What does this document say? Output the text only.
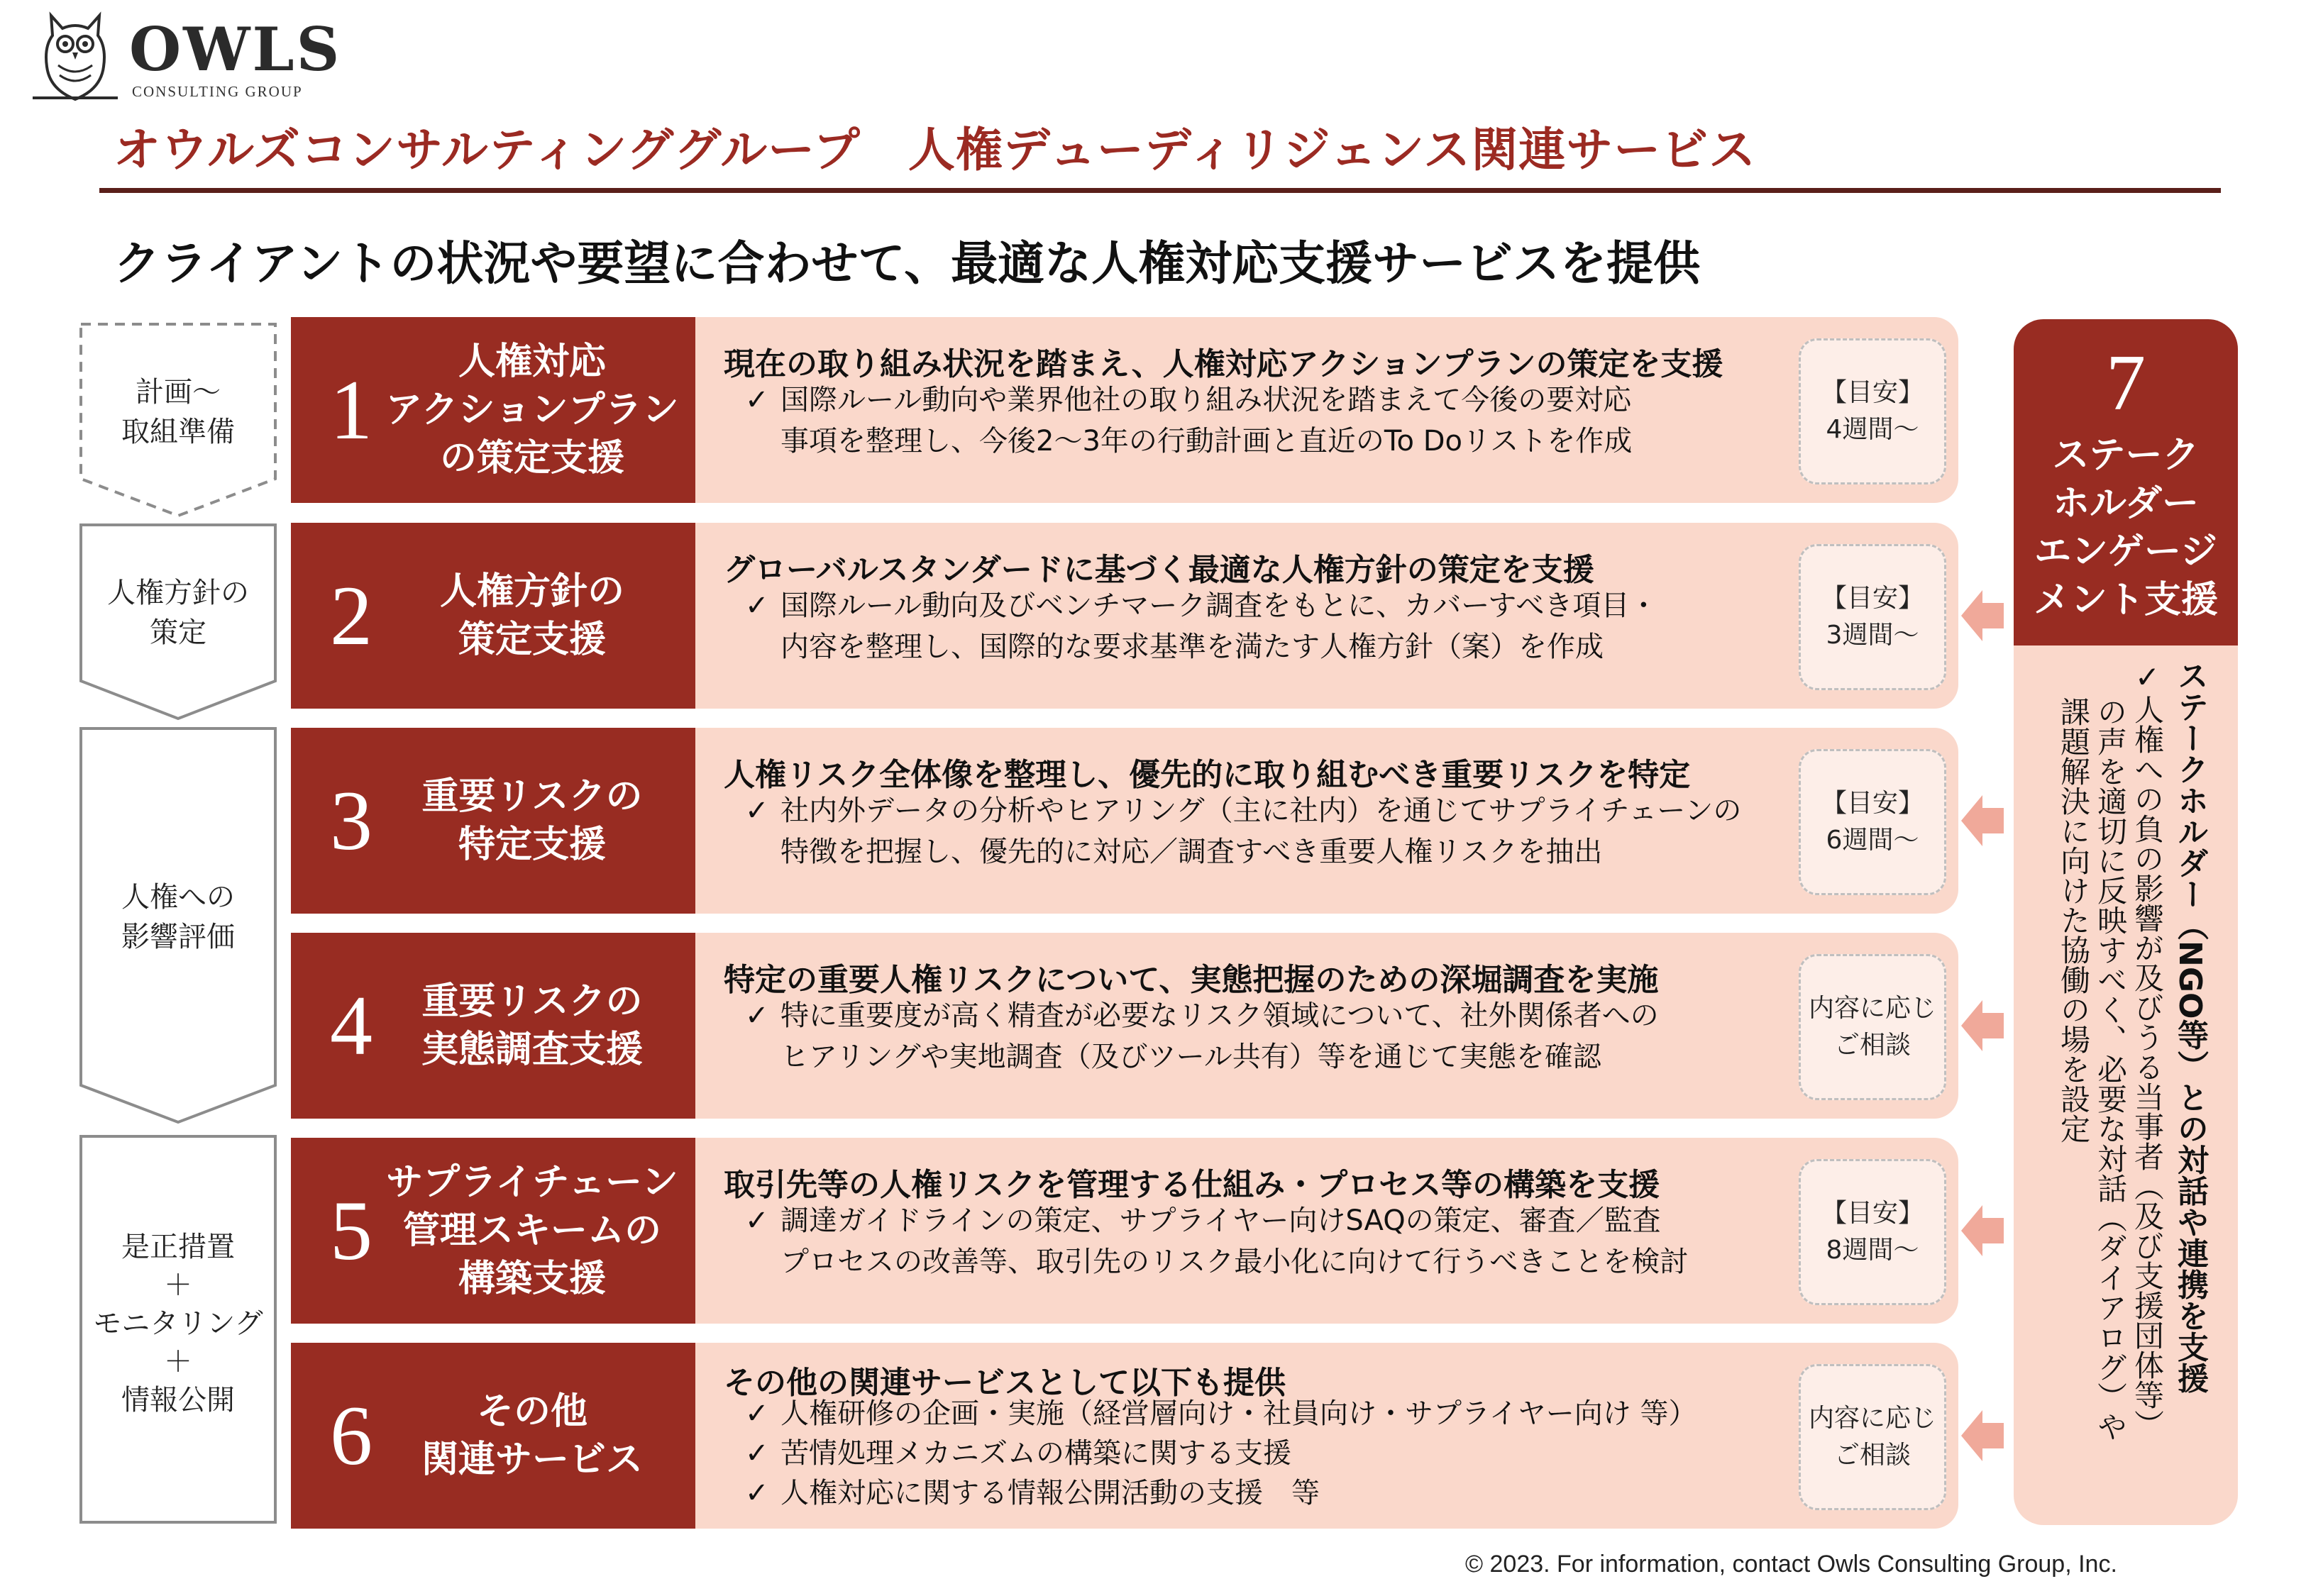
OWLS
CONSULTING GROUP
オウルズコンサルティンググループ　人権デューディリジェンス関連サービス
クライアントの状況や要望に合わせて、最適な人権対応支援サービスを提供
計画～
取組準備
人権方針の
策定
人権への
影響評価
是正措置
＋
モニタリング
＋
情報公開
1
人権対応
アクションプラン
の策定支援
現在の取り組み状況を踏まえ、人権対応アクションプランの策定を支援
✓ 国際ルール動向や業界他社の取り組み状況を踏まえて今後の要対応
事項を整理し、今後2～3年の行動計画と直近のTo Doリストを作成
【目安】
4週間～
2	人権方針の
策定支援
グローバルスタンダードに基づく最適な人権方針の策定を支援
✓ 国際ルール動向及びベンチマーク調査をもとに、カバーすべき項目・
内容を整理し、国際的な要求基準を満たす人権方針（案）を作成
【目安】
3週間～
3	重要リスクの
特定支援
人権リスク全体像を整理し、優先的に取り組むべき重要リスクを特定
✓ 社内外データの分析やヒアリング（主に社内）を通じてサプライチェーンの
特徴を把握し、優先的に対応／調査すべき重要人権リスクを抽出
【目安】
6週間～
4	重要リスクの
実態調査支援
特定の重要人権リスクについて、実態把握のための深堀調査を実施
✓ 特に重要度が高く精査が必要なリスク領域について、社外関係者への
ヒアリングや実地調査（及びツール共有）等を通じて実態を確認
内容に応じ
ご相談
5
サプライチェーン
管理スキームの
構築支援
取引先等の人権リスクを管理する仕組み・プロセス等の構築を支援
✓ 調達ガイドラインの策定、サプライヤー向けSAQの策定、審査／監査
プロセスの改善等、取引先のリスク最小化に向けて行うべきことを検討
【目安】
8週間～
6	その他
関連サービス
その他の関連サービスとして以下も提供
✓ 人権研修の企画・実施（経営層向け・社員向け・サプライヤー向け 等）
✓ 苦情処理メカニズムの構築に関する支援
✓ 人権対応に関する情報公開活動の支援　等
内容に応じ
ご相談
7
ステーク
ホルダー
エンゲージ
メント支援
ステークホルダー（NGO等）との対話や連携を支援
✓人権への負の影響が及びうる当事者（及び支援団体等）
の声を適切に反映すべく、必要な対話（ダイアログ）や
課題解決に向けた協働の場を設定
© 2023. For information, contact Owls Consulting Group, Inc.
